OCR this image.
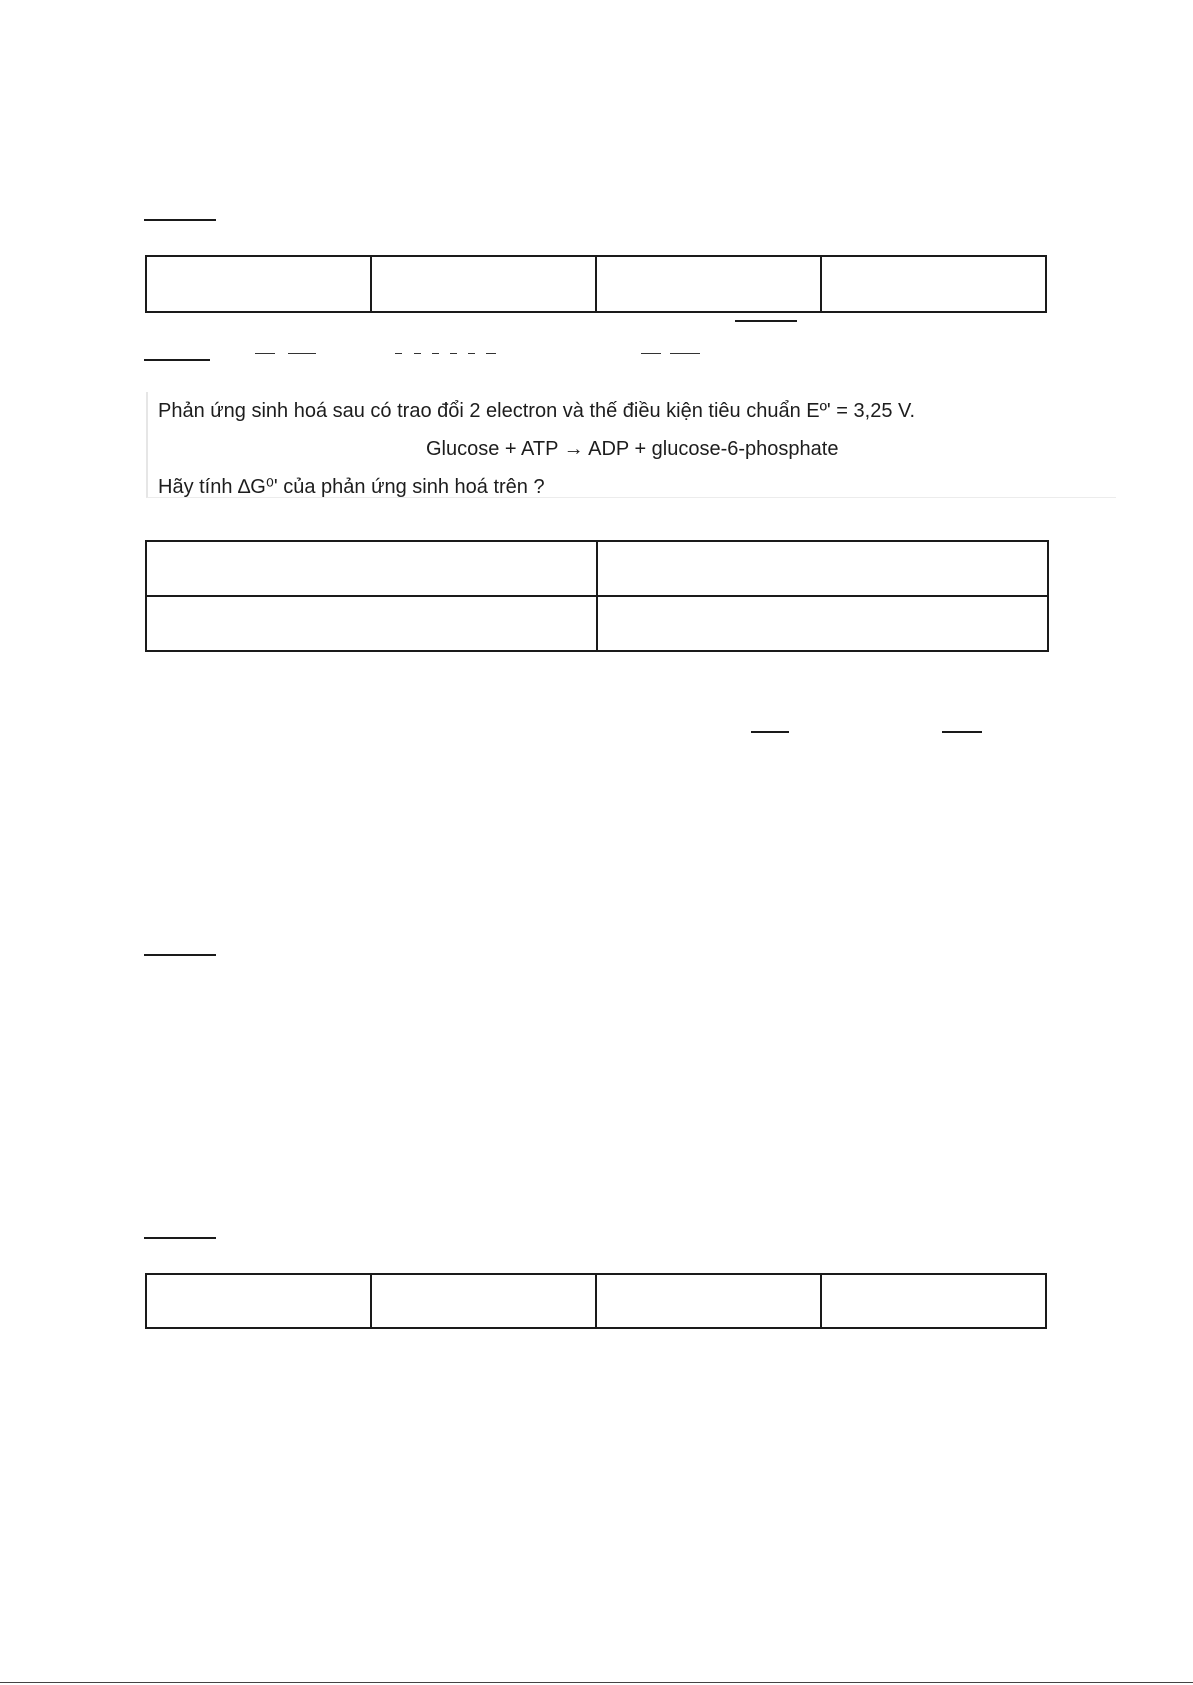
Phản ứng sinh hoá sau có trao đổi 2 electron và thế điều kiện tiêu chuẩn Eº' = 3,25 V.
Glucose + ATP → ADP + glucose-6-phosphate
Hãy tính ∆G⁰' của phản ứng sinh hoá trên ?
